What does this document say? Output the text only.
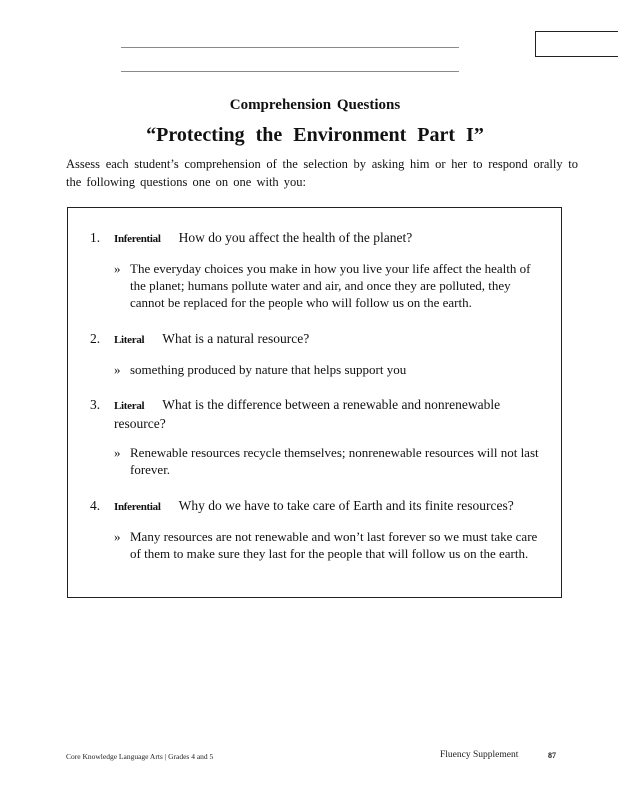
Comprehension Questions
“Protecting the Environment Part I”

Assess each student’s comprehension of the selection by asking him or her to respond orally to the following questions one on one with you:

1. Inferential How do you affect the health of the planet?
» The everyday choices you make in how you live your life affect the health of the planet; humans pollute water and air, and once they are polluted, they cannot be replaced for the people who will follow us on the earth.
2. Literal What is a natural resource?
» something produced by nature that helps support you
3. Literal What is the difference between a renewable and nonrenewable resource?
» Renewable resources recycle themselves; nonrenewable resources will not last forever.
4. Inferential Why do we have to take care of Earth and its finite resources?
» Many resources are not renewable and won’t last forever so we must take care of them to make sure they last for the people that will follow us on the earth.
Core Knowledge Language Arts | Grades 4 and 5	Fluency Supplement	87
